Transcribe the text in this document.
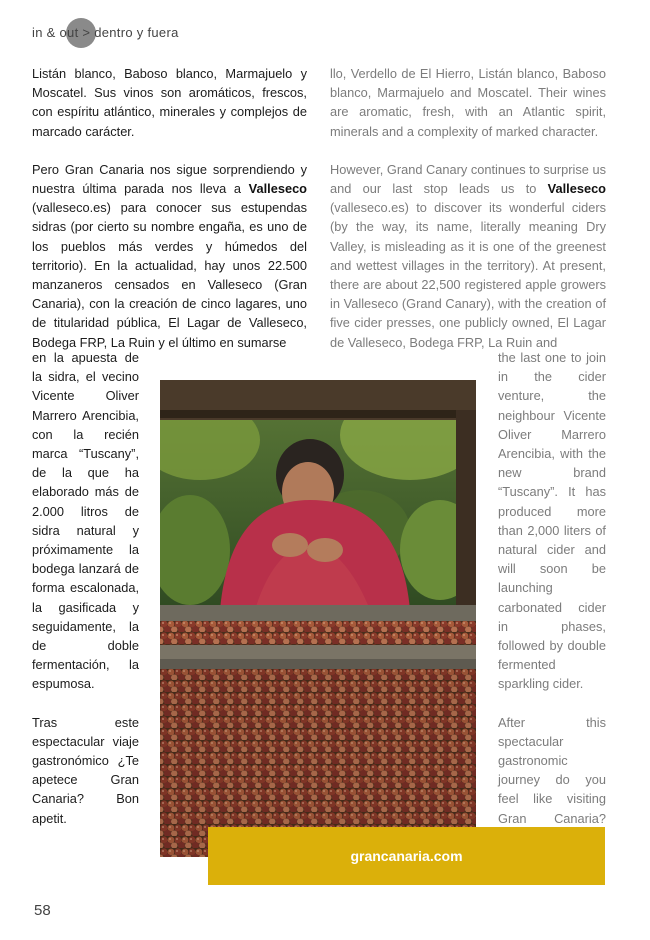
in & out > dentro y fuera

Listán blanco, Baboso blanco, Marmajuelo y Moscatel. Sus vinos son aromáticos, frescos, con espíritu atlántico, minerales y complejos de marcado carácter.

Pero Gran Canaria nos sigue sorprendiendo y nuestra última parada nos lleva a Valleseco (valleseco.es) para conocer sus estupendas sidras (por cierto su nombre engaña, es uno de los pueblos más verdes y húmedos del territorio). En la actualidad, hay unos 22.500 manzaneros censados en Valleseco (Gran Canaria), con la creación de cinco lagares, uno de titularidad pública, El Lagar de Valleseco, Bodega FRP, La Ruin y el último en sumarse

llo, Verdello de El Hierro, Listán blanco, Baboso blanco, Marmajuelo and Moscatel. Their wines are aromatic, fresh, with an Atlantic spirit, minerals and a complexity of marked character.

However, Grand Canary continues to surprise us and our last stop leads us to Valleseco (valleseco.es) to discover its wonderful ciders (by the way, its name, literally meaning Dry Valley, is misleading as it is one of the greenest and wettest villages in the territory). At present, there are about 22,500 registered apple growers in Valleseco (Grand Canary), with the creation of five cider presses, one publicly owned, El Lagar de Valleseco, Bodega FRP, La Ruin and

en la apuesta de la sidra, el vecino Vicente Oliver Marrero Arencibia, con la recién marca “Tuscany”, de la que ha elaborado más de 2.000 litros de sidra natural y próximamente la bodega lanzará de forma escalonada, la gasificada y seguidamente, la de doble fermentación, la espumosa.

Tras este espectacular viaje gastronómico ¿Te apetece Gran Canaria? Bon apetit.

the last one to join in the cider venture, the neighbour Vicente Oliver Marrero Arencibia, with the new brand “Tuscany”. It has produced more than 2,000 liters of natural cider and will soon be launching carbonated cider in phases, followed by double fermented sparkling cider.

After this spectacular gastronomic journey do you feel like visiting Gran Canaria?

grancanaria.com
58
